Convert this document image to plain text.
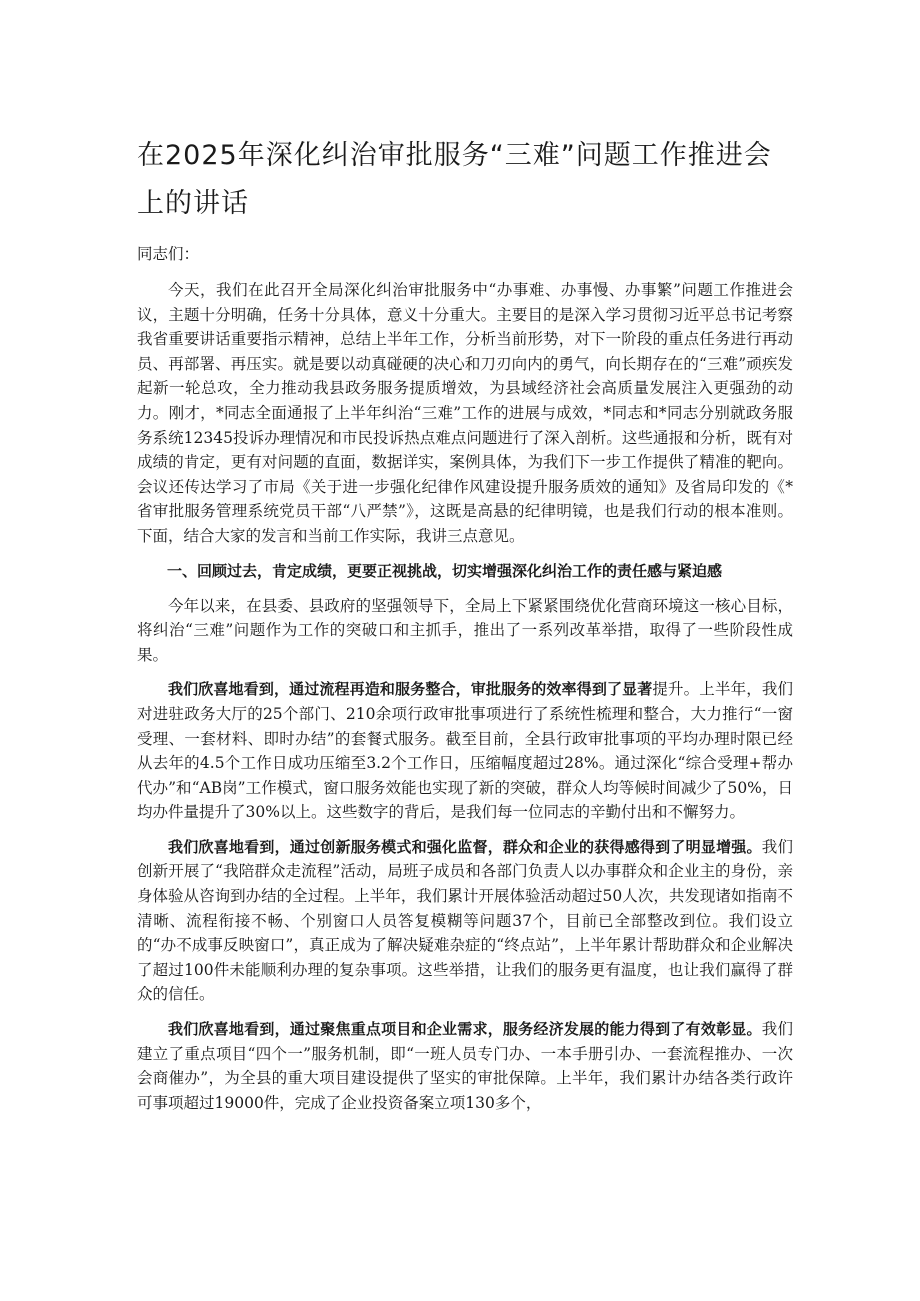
在2025年深化纠治审批服务“三难”问题工作推进会上的讲话

同志们：

今天，我们在此召开全局深化纠治审批服务中“办事难、办事慢、办事繁”问题工作推进会议，主题十分明确，任务十分具体，意义十分重大。主要目的是深入学习贯彻习近平总书记考察我省重要讲话重要指示精神，总结上半年工作，分析当前形势，对下一阶段的重点任务进行再动员、再部署、再压实。就是要以动真碰硬的决心和刀刃向内的勇气，向长期存在的“三难”顽疾发起新一轮总攻，全力推动我县政务服务提质增效，为县域经济社会高质量发展注入更强劲的动力。刚才，*同志全面通报了上半年纠治“三难”工作的进展与成效，*同志和*同志分别就政务服务系统12345投诉办理情况和市民投诉热点难点问题进行了深入剖析。这些通报和分析，既有对成绩的肯定，更有对问题的直面，数据详实，案例具体，为我们下一步工作提供了精准的靶向。会议还传达学习了市局《关于进一步强化纪律作风建设提升服务质效的通知》及省局印发的《*省审批服务管理系统党员干部“八严禁”》，这既是高悬的纪律明镜，也是我们行动的根本准则。下面，结合大家的发言和当前工作实际，我讲三点意见。

一、回顾过去，肯定成绩，更要正视挑战，切实增强深化纠治工作的责任感与紧迫感

今年以来，在县委、县政府的坚强领导下，全局上下紧紧围绕优化营商环境这一核心目标，将纠治“三难”问题作为工作的突破口和主抓手，推出了一系列改革举措，取得了一些阶段性成果。

我们欣喜地看到，通过流程再造和服务整合，审批服务的效率得到了显著提升。上半年，我们对进驻政务大厅的25个部门、210余项行政审批事项进行了系统性梳理和整合，大力推行“一窗受理、一套材料、即时办结”的套餐式服务。截至目前，全县行政审批事项的平均办理时限已经从去年的4.5个工作日成功压缩至3.2个工作日，压缩幅度超过28%。通过深化“综合受理+帮办代办”和“AB岗”工作模式，窗口服务效能也实现了新的突破，群众人均等候时间减少了50%，日均办件量提升了30%以上。这些数字的背后，是我们每一位同志的辛勤付出和不懈努力。

我们欣喜地看到，通过创新服务模式和强化监督，群众和企业的获得感得到了明显增强。我们创新开展了“我陪群众走流程”活动，局班子成员和各部门负责人以办事群众和企业主的身份，亲身体验从咨询到办结的全过程。上半年，我们累计开展体验活动超过50人次，共发现诸如指南不清晰、流程衔接不畅、个别窗口人员答复模糊等问题37个，目前已全部整改到位。我们设立的“办不成事反映窗口”，真正成为了解决疑难杂症的“终点站”，上半年累计帮助群众和企业解决了超过100件未能顺利办理的复杂事项。这些举措，让我们的服务更有温度，也让我们赢得了群众的信任。

我们欣喜地看到，通过聚焦重点项目和企业需求，服务经济发展的能力得到了有效彰显。我们建立了重点项目“四个一”服务机制，即“一班人员专门办、一本手册引办、一套流程推办、一次会商催办”，为全县的重大项目建设提供了坚实的审批保障。上半年，我们累计办结各类行政许可事项超过19000件，完成了企业投资备案立项130多个，
